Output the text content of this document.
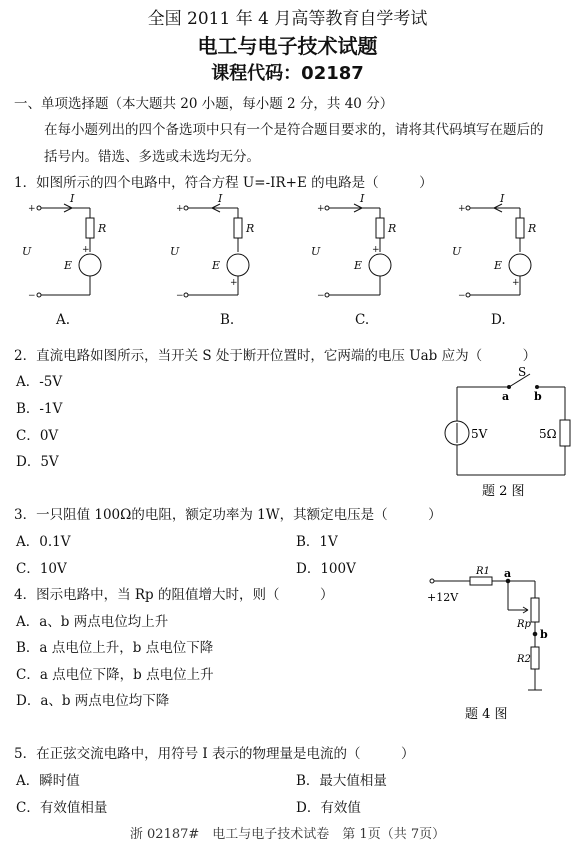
全国 2011 年 4 月高等教育自学考试
电工与电子技术试题
课程代码：02187
一、单项选择题（本大题共 20 小题，每小题 2 分，共 40 分）
在每小题列出的四个备选项中只有一个是符合题目要求的，请将其代码填写在题后的
括号内。错选、多选或未选均无分。
1．如图所示的四个电路中，符合方程 U=-IR+E 的电路是（　　　）
I
R
U
E
I
R
U
E
I
R
U
E
I
R
U
E
+
−
+
+
−
+
+
−
+
+
−
+
A.	B.	C.	D.
2．直流电路如图所示，当开关 S 处于断开位置时，它两端的电压 Uab 应为（　　　）
A．-5V
B．-1V
C．0V
D．5V
S
a b
5V	5Ω
题 2 图
3．一只阻值 100Ω的电阻，额定功率为 1W，其额定电压是（　　　）
A．0.1V	B．1V
C．10V	D．100V
4．图示电路中，当 Rp 的阻值增大时，则（　　　）
A．a、b 两点电位均上升
B．a 点电位上升，b 点电位下降
C．a 点电位下降，b 点电位上升
D．a、b 两点电位均下降
+12V
R1 a
Rp
b
R2
题 4 图
5．在正弦交流电路中，用符号 I 表示的物理量是电流的（　　　）
A．瞬时值	B．最大值相量
C．有效值相量	D．有效值
浙 02187#　电工与电子技术试卷　第 1页（共 7页）
